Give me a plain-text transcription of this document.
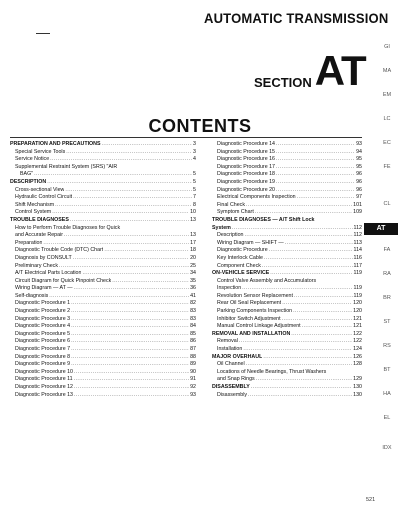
AUTOMATIC TRANSMISSION
SECTIONAT
CONTENTS
PREPARATION AND PRECAUTIONS .....	3
Special Service Tools .....	3
Service Notice .....	4
Supplemental Restraint System (SRS) "AIR
BAG" .....	5
DESCRIPTION .....	5
Cross-sectional View .....	5
Hydraulic Control Circuit .....	7
Shift Mechanism .....	8
Control System .....	10
TROUBLE DIAGNOSES .....	13
How to Perform Trouble Diagnoses for Quick
and Accurate Repair .....	13
Preparation .....	17
Diagnostic Trouble Code (DTC) Chart .....	18
Diagnosis by CONSULT .....	20
Preliminary Check .....	25
A/T Electrical Parts Location .....	34
Circuit Diagram for Quick Pinpoint Check .....	35
Wiring Diagram — AT — .....	36
Self-diagnosis .....	41
Diagnostic Procedure 1 .....	82
Diagnostic Procedure 2 .....	83
Diagnostic Procedure 3 .....	83
Diagnostic Procedure 4 .....	84
Diagnostic Procedure 5 .....	85
Diagnostic Procedure 6 .....	86
Diagnostic Procedure 7 .....	87
Diagnostic Procedure 8 .....	88
Diagnostic Procedure 9 .....	89
Diagnostic Procedure 10 .....	90
Diagnostic Procedure 11 .....	91
Diagnostic Procedure 12 .....	92
Diagnostic Procedure 13 .....	93
Diagnostic Procedure 14 .....	93
Diagnostic Procedure 15 .....	94
Diagnostic Procedure 16 .....	95
Diagnostic Procedure 17 .....	95
Diagnostic Procedure 18 .....	96
Diagnostic Procedure 19 .....	96
Diagnostic Procedure 20 .....	96
Electrical Components Inspection .....	97
Final Check .....	101
Symptom Chart .....	109
TROUBLE DIAGNOSES — A/T Shift Lock
System .....	112
Description .....	112
Wiring Diagram — SHIFT — .....	113
Diagnostic Procedure .....	114
Key Interlock Cable .....	116
Component Check .....	117
ON-VEHICLE SERVICE .....	119
Control Valve Assembly and Accumulators
Inspection .....	119
Revolution Sensor Replacement .....	119
Rear Oil Seal Replacement .....	120
Parking Components Inspection .....	120
Inhibitor Switch Adjustment .....	121
Manual Control Linkage Adjustment .....	121
REMOVAL AND INSTALLATION .....	122
Removal .....	122
Installation .....	124
MAJOR OVERHAUL .....	126
Oil Channel .....	128
Locations of Needle Bearings, Thrust Washers
and Snap Rings .....	129
DISASSEMBLY .....	130
Disassembly .....	130
GI
MA
EM
LC
EC
FE
CL
AT
FA
RA
BR
ST
RS
BT
HA
EL
IDX
521
